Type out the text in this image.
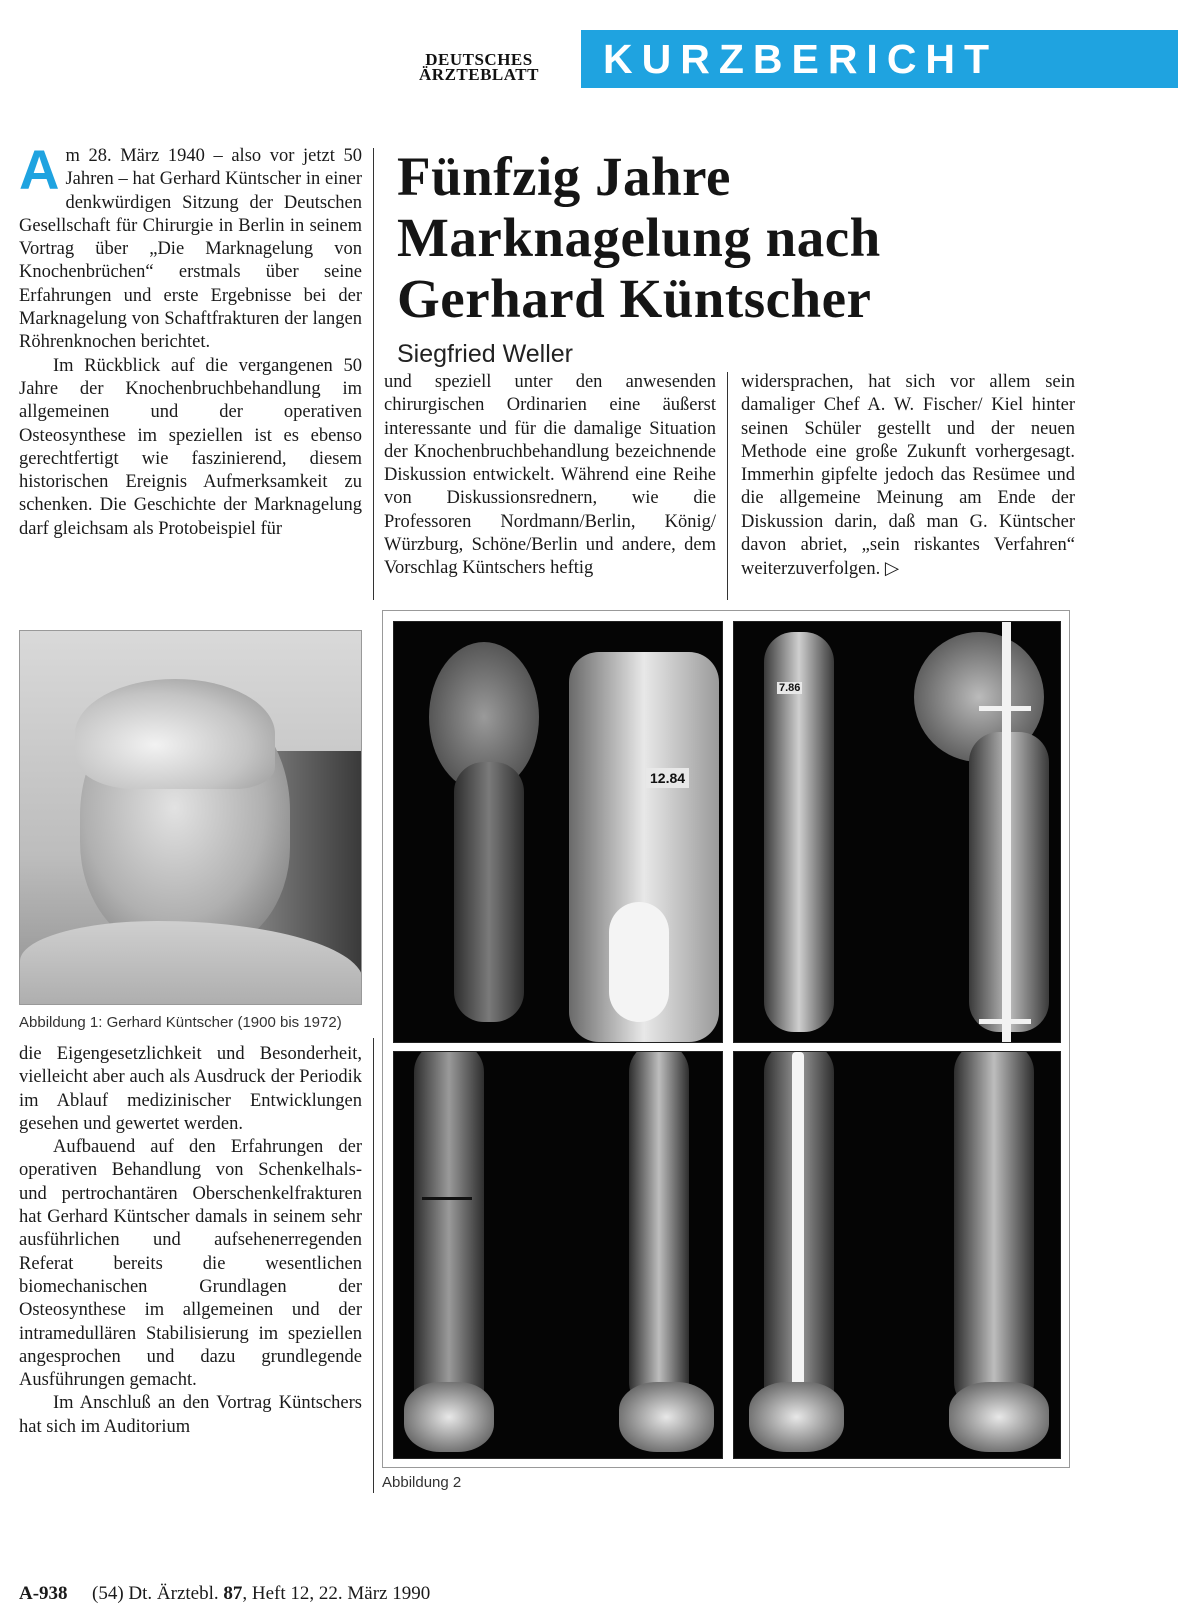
DEUTSCHES
ÄRZTEBLATT	KURZBERICHT
Fünfzig Jahre
Marknagelung nach
Gerhard Küntscher
Siegfried Weller

Am 28. März 1940 – also vor jetzt 50 Jahren – hat Gerhard Küntscher in einer denkwürdigen Sitzung der Deutschen Gesellschaft für Chirurgie in Berlin in seinem Vortrag über „Die Marknagelung von Knochenbrüchen“ erstmals über seine Erfahrungen und erste Ergebnisse bei der Marknagelung von Schaftfrakturen der langen Röhrenknochen berichtet.

Im Rückblick auf die vergangenen 50 Jahre der Knochenbruchbehandlung im allgemeinen und der operativen Osteosynthese im speziellen ist es ebenso gerechtfertigt wie faszinierend, diesem historischen Ereignis Aufmerksamkeit zu schenken. Die Geschichte der Marknagelung darf gleichsam als Protobeispiel für

und speziell unter den anwesenden chirurgischen Ordinarien eine äußerst interessante und für die damalige Situation der Knochenbruchbehandlung bezeichnende Diskussion entwickelt. Während eine Reihe von Diskussionsrednern, wie die Professoren Nordmann/Berlin, König/ Würzburg, Schöne/Berlin und andere, dem Vorschlag Küntschers heftig

widersprachen, hat sich vor allem sein damaliger Chef A. W. Fischer/ Kiel hinter seinen Schüler gestellt und der neuen Methode eine große Zukunft vorhergesagt. Immerhin gipfelte jedoch das Resümee und die allgemeine Meinung am Ende der Diskussion darin, daß man G. Küntscher davon abriet, „sein riskantes Verfahren“ weiterzuverfolgen. ▷

Abbildung 1: Gerhard Küntscher (1900 bis 1972)

die Eigengesetzlichkeit und Besonderheit, vielleicht aber auch als Ausdruck der Periodik im Ablauf medizinischer Entwicklungen gesehen und gewertet werden.

Aufbauend auf den Erfahrungen der operativen Behandlung von Schenkelhals- und pertrochantären Oberschenkelfrakturen hat Gerhard Küntscher damals in seinem sehr ausführlichen und aufsehenerregenden Referat bereits die wesentlichen biomechanischen Grundlagen der Osteosynthese im allgemeinen und der intramedullären Stabilisierung im speziellen angesprochen und dazu grundlegende Ausführungen gemacht.

Im Anschluß an den Vortrag Küntschers hat sich im Auditorium

12.84
7.86
Abbildung 2
A-938 (54) Dt. Ärztebl. 87, Heft 12, 22. März 1990
